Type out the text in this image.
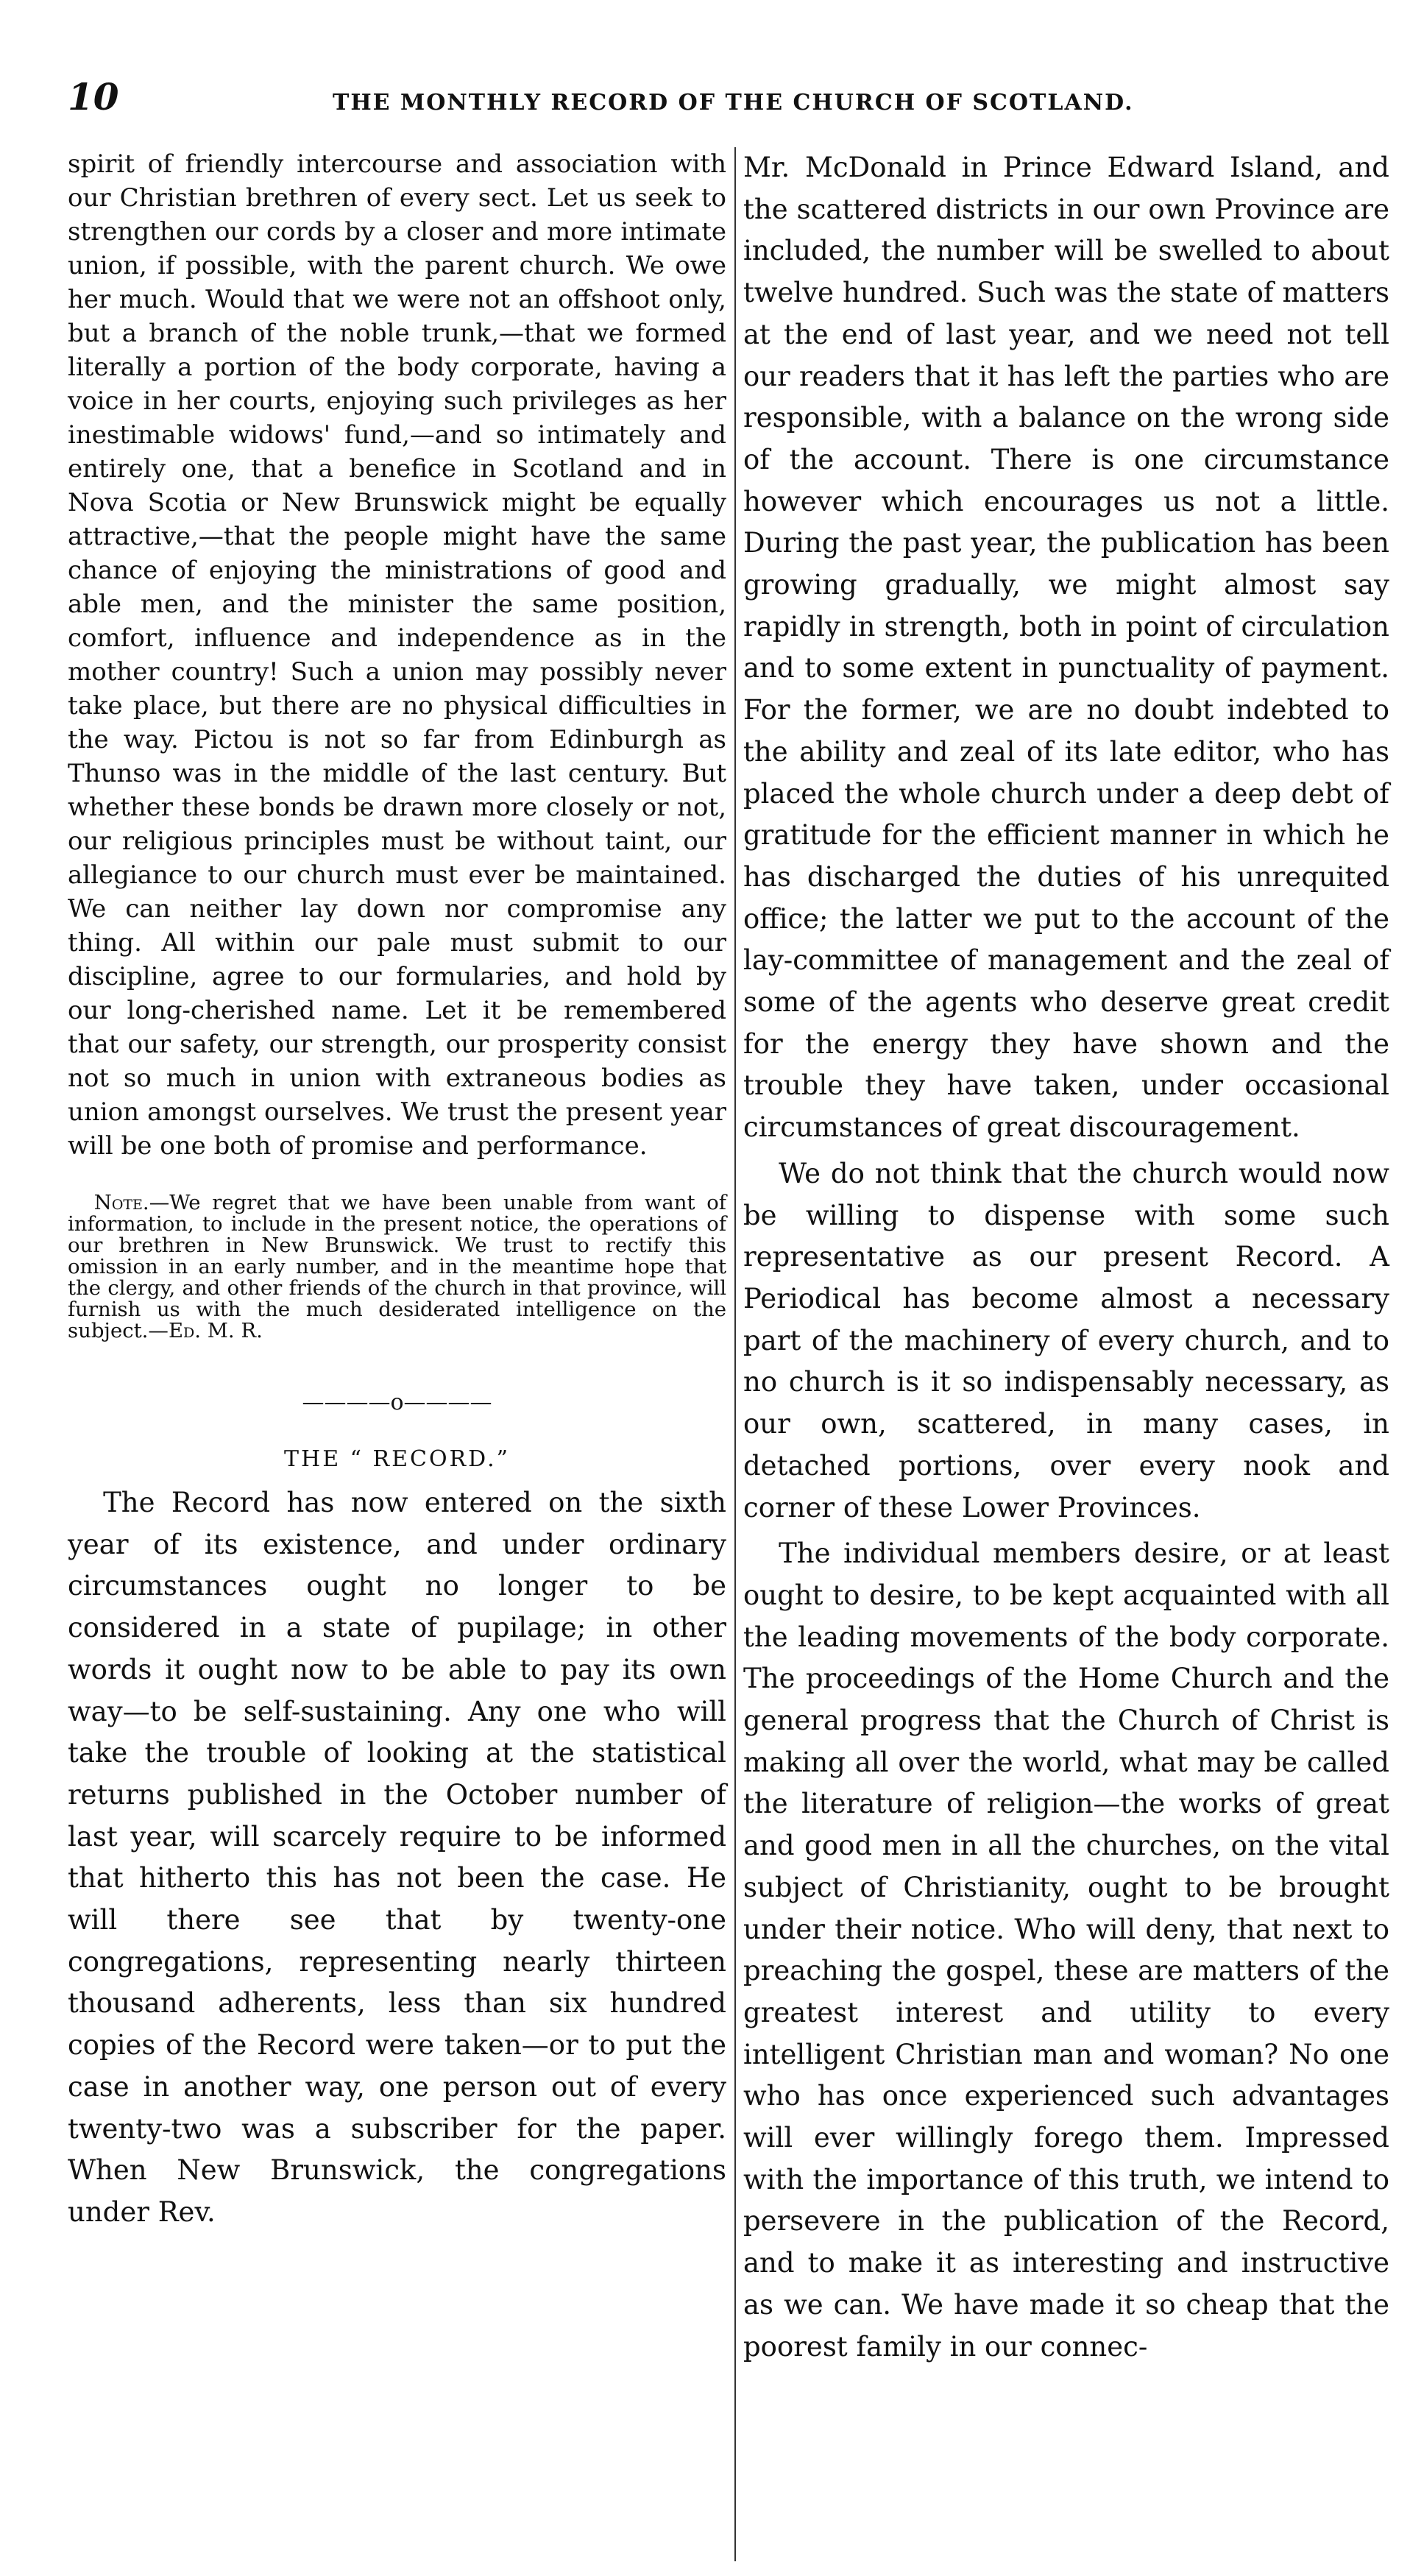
10	THE MONTHLY RECORD OF THE CHURCH OF SCOTLAND.

spirit of friendly intercourse and association with our Christian brethren of every sect. Let us seek to strengthen our cords by a closer and more intimate union, if possible, with the parent church. We owe her much. Would that we were not an offshoot only, but a branch of the noble trunk,—that we formed literally a portion of the body corporate, having a voice in her courts, enjoying such privileges as her inestimable widows' fund,—and so intimately and entirely one, that a benefice in Scotland and in Nova Scotia or New Brunswick might be equally attractive,—that the people might have the same chance of enjoying the ministrations of good and able men, and the minister the same position, comfort, influence and independence as in the mother country! Such a union may possibly never take place, but there are no physical difficulties in the way. Pictou is not so far from Edinburgh as Thunso was in the middle of the last century. But whether these bonds be drawn more closely or not, our religious principles must be without taint, our allegiance to our church must ever be maintained. We can neither lay down nor compromise any thing. All within our pale must submit to our discipline, agree to our formularies, and hold by our long-cherished name. Let it be remembered that our safety, our strength, our prosperity consist not so much in union with extraneous bodies as union amongst ourselves. We trust the present year will be one both of promise and performance.

Note.—We regret that we have been unable from want of information, to include in the present notice, the operations of our brethren in New Brunswick. We trust to rectify this omission in an early number, and in the meantime hope that the clergy, and other friends of the church in that province, will furnish us with the much desiderated intelligence on the subject.—Ed. M. R.

————o————
THE “ RECORD.”

The Record has now entered on the sixth year of its existence, and under ordinary circumstances ought no longer to be considered in a state of pupilage; in other words it ought now to be able to pay its own way—to be self-sustaining. Any one who will take the trouble of looking at the statistical returns published in the October number of last year, will scarcely require to be informed that hitherto this has not been the case. He will there see that by twenty-one congregations, representing nearly thirteen thousand adherents, less than six hundred copies of the Record were taken—or to put the case in another way, one person out of every twenty-two was a subscriber for the paper. When New Brunswick, the congregations under Rev.

Mr. McDonald in Prince Edward Island, and the scattered districts in our own Province are included, the number will be swelled to about twelve hundred. Such was the state of matters at the end of last year, and we need not tell our readers that it has left the parties who are responsible, with a balance on the wrong side of the account. There is one circumstance however which encourages us not a little. During the past year, the publication has been growing gradually, we might almost say rapidly in strength, both in point of circulation and to some extent in punctuality of payment. For the former, we are no doubt indebted to the ability and zeal of its late editor, who has placed the whole church under a deep debt of gratitude for the efficient manner in which he has discharged the duties of his unrequited office; the latter we put to the account of the lay-committee of management and the zeal of some of the agents who deserve great credit for the energy they have shown and the trouble they have taken, under occasional circumstances of great discouragement.

We do not think that the church would now be willing to dispense with some such representative as our present Record. A Periodical has become almost a necessary part of the machinery of every church, and to no church is it so indispensably necessary, as our own, scattered, in many cases, in detached portions, over every nook and corner of these Lower Provinces.

The individual members desire, or at least ought to desire, to be kept acquainted with all the leading movements of the body corporate. The proceedings of the Home Church and the general progress that the Church of Christ is making all over the world, what may be called the literature of religion—the works of great and good men in all the churches, on the vital subject of Christianity, ought to be brought under their notice. Who will deny, that next to preaching the gospel, these are matters of the greatest interest and utility to every intelligent Christian man and woman? No one who has once experienced such advantages will ever willingly forego them. Impressed with the importance of this truth, we intend to persevere in the publication of the Record, and to make it as interesting and instructive as we can. We have made it so cheap that the poorest family in our connec-
